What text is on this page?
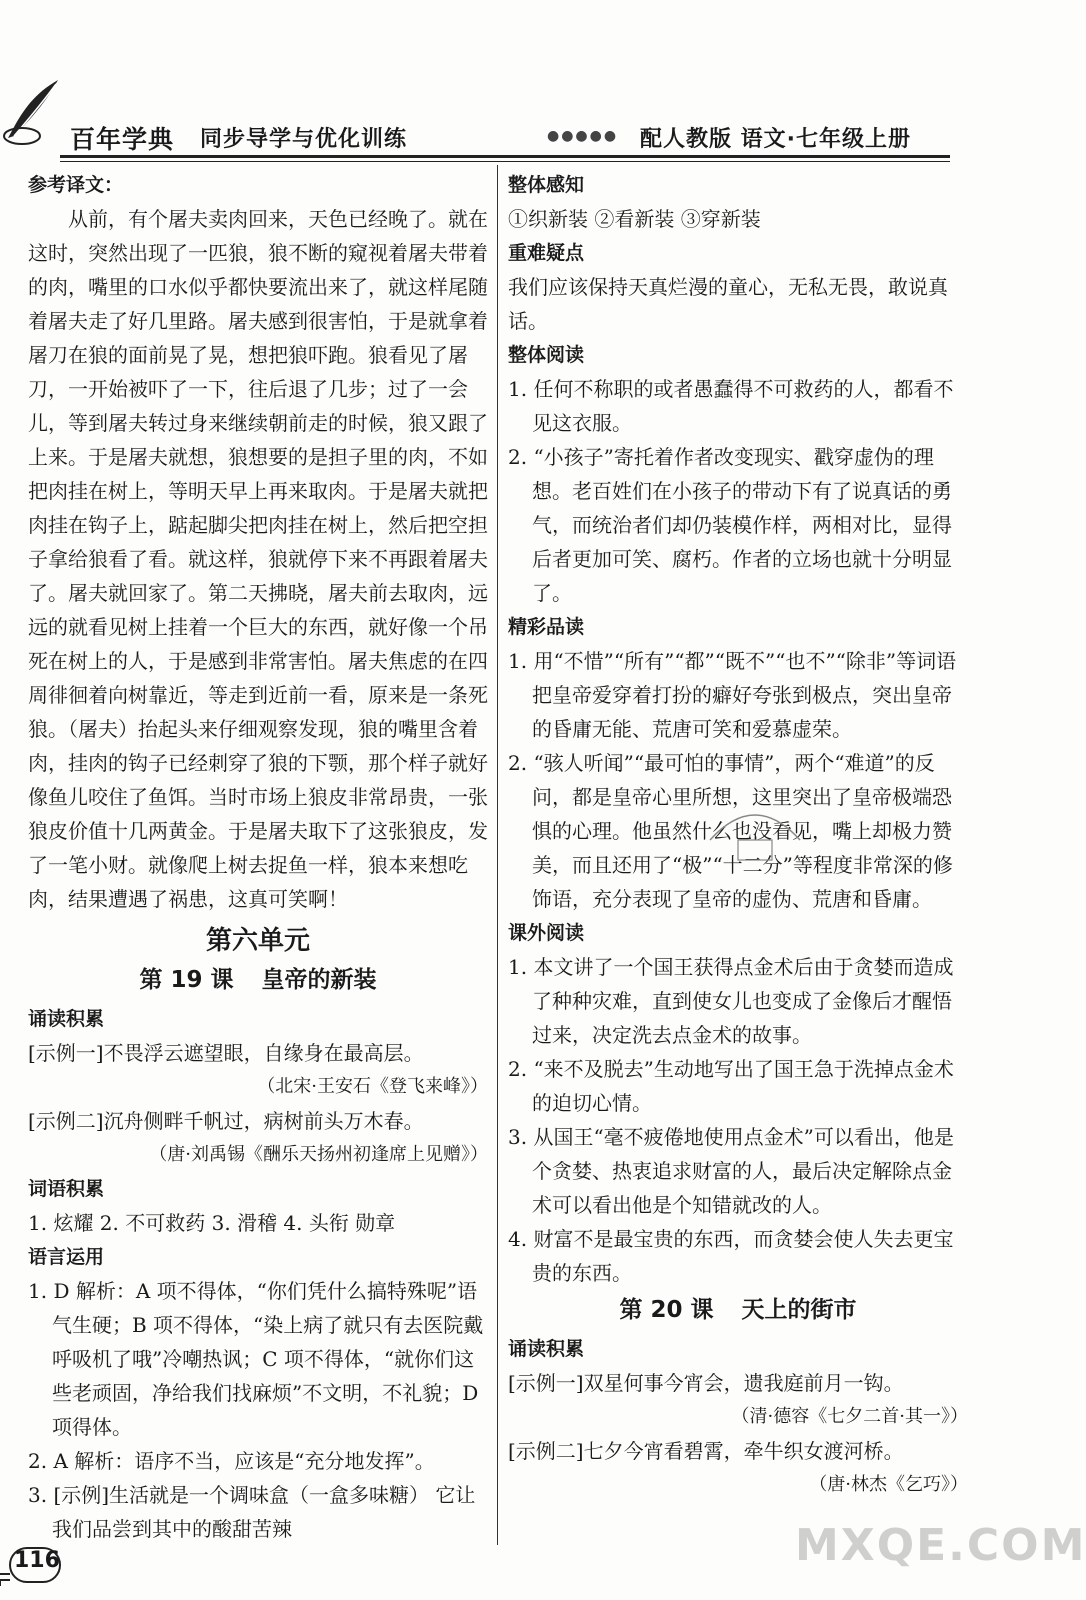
百年学典 同步导学与优化训练	●●●●● 配人教版 语文·七年级上册

参考译文：

从前，有个屠夫卖肉回来，天色已经晚了。就在这时，突然出现了一匹狼，狼不断的窥视着屠夫带着的肉，嘴里的口水似乎都快要流出来了，就这样尾随着屠夫走了好几里路。屠夫感到很害怕，于是就拿着屠刀在狼的面前晃了晃，想把狼吓跑。狼看见了屠刀，一开始被吓了一下，往后退了几步；过了一会儿，等到屠夫转过身来继续朝前走的时候，狼又跟了上来。于是屠夫就想，狼想要的是担子里的肉，不如把肉挂在树上，等明天早上再来取肉。于是屠夫就把肉挂在钩子上，踮起脚尖把肉挂在树上，然后把空担子拿给狼看了看。就这样，狼就停下来不再跟着屠夫了。屠夫就回家了。第二天拂晓，屠夫前去取肉，远远的就看见树上挂着一个巨大的东西，就好像一个吊死在树上的人，于是感到非常害怕。屠夫焦虑的在四周徘徊着向树靠近，等走到近前一看，原来是一条死狼。（屠夫）抬起头来仔细观察发现，狼的嘴里含着肉，挂肉的钩子已经刺穿了狼的下颚，那个样子就好像鱼儿咬住了鱼饵。当时市场上狼皮非常昂贵，一张狼皮价值十几两黄金。于是屠夫取下了这张狼皮，发了一笔小财。就像爬上树去捉鱼一样，狼本来想吃肉，结果遭遇了祸患，这真可笑啊！

第六单元

第 19 课 皇帝的新装

诵读积累

[示例一]不畏浮云遮望眼，自缘身在最高层。

（北宋·王安石《登飞来峰》）

[示例二]沉舟侧畔千帆过，病树前头万木春。

（唐·刘禹锡《酬乐天扬州初逢席上见赠》）

词语积累

1. 炫耀 2. 不可救药 3. 滑稽 4. 头衔 勋章

语言运用

1. D 解析：A 项不得体，“你们凭什么搞特殊呢”语气生硬；B 项不得体，“染上病了就只有去医院戴呼吸机了哦”冷嘲热讽；C 项不得体，“就你们这些老顽固，净给我们找麻烦”不文明，不礼貌；D 项得体。

2. A 解析：语序不当，应该是“充分地发挥”。

3. [示例]生活就是一个调味盒（一盒多味糖） 它让我们品尝到其中的酸甜苦辣

整体感知

①织新装 ②看新装 ③穿新装

重难疑点

我们应该保持天真烂漫的童心，无私无畏，敢说真话。

整体阅读

1. 任何不称职的或者愚蠢得不可救药的人，都看不见这衣服。

2. “小孩子”寄托着作者改变现实、戳穿虚伪的理想。老百姓们在小孩子的带动下有了说真话的勇气，而统治者们却仍装模作样，两相对比，显得后者更加可笑、腐朽。作者的立场也就十分明显了。

精彩品读

1. 用“不惜”“所有”“都”“既不”“也不”“除非”等词语把皇帝爱穿着打扮的癖好夸张到极点，突出皇帝的昏庸无能、荒唐可笑和爱慕虚荣。

2. “骇人听闻”“最可怕的事情”，两个“难道”的反问，都是皇帝心里所想，这里突出了皇帝极端恐惧的心理。他虽然什么也没看见，嘴上却极力赞美，而且还用了“极”“十二分”等程度非常深的修饰语，充分表现了皇帝的虚伪、荒唐和昏庸。

课外阅读

1. 本文讲了一个国王获得点金术后由于贪婪而造成了种种灾难，直到使女儿也变成了金像后才醒悟过来，决定洗去点金术的故事。

2. “来不及脱去”生动地写出了国王急于洗掉点金术的迫切心情。

3. 从国王“毫不疲倦地使用点金术”可以看出，他是个贪婪、热衷追求财富的人，最后决定解除点金术可以看出他是个知错就改的人。

4. 财富不是最宝贵的东西，而贪婪会使人失去更宝贵的东西。

第 20 课 天上的街市

诵读积累

[示例一]双星何事今宵会，遗我庭前月一钩。

（清·德容《七夕二首·其一》）

[示例二]七夕今宵看碧霄，牵牛织女渡河桥。

（唐·林杰《乞巧》）

116	MXQE.COM
